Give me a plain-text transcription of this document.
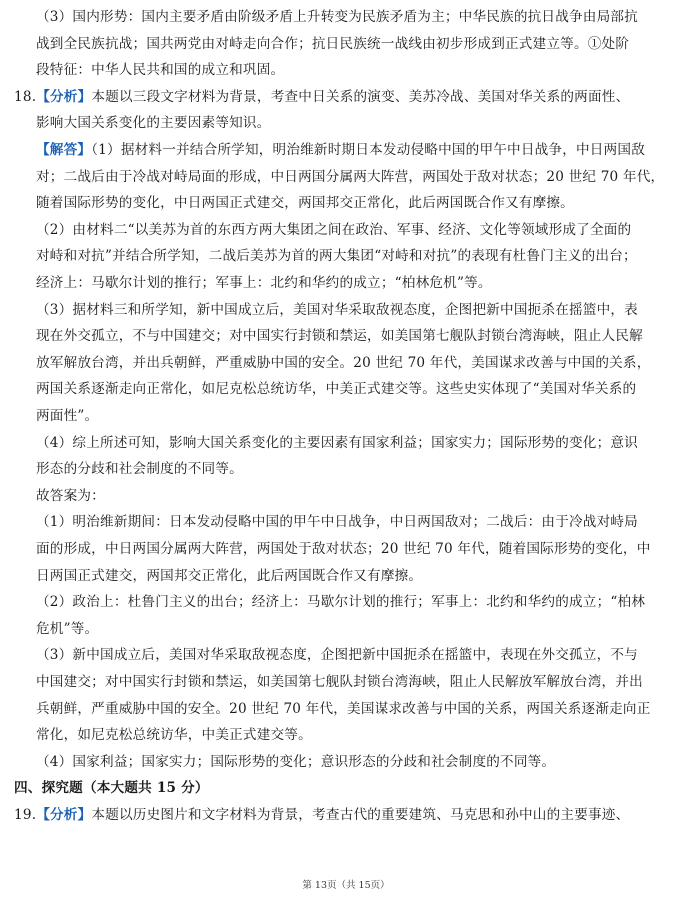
（3）国内形势：国内主要矛盾由阶级矛盾上升转变为民族矛盾为主；中华民族的抗日战争由局部抗
战到全民族抗战；国共两党由对峙走向合作；抗日民族统一战线由初步形成到正式建立等。①处阶
段特征：中华人民共和国的成立和巩固。
18.【分析】本题以三段文字材料为背景，考查中日关系的演变、美苏冷战、美国对华关系的两面性、
影响大国关系变化的主要因素等知识。
【解答】（1）据材料一并结合所学知，明治维新时期日本发动侵略中国的甲午中日战争，中日两国敌
对；二战后由于冷战对峙局面的形成，中日两国分属两大阵营，两国处于敌对状态；20 世纪 70 年代，
随着国际形势的变化，中日两国正式建交，两国邦交正常化，此后两国既合作又有摩擦。
（2）由材料二“以美苏为首的东西方两大集团之间在政治、军事、经济、文化等领域形成了全面的
对峙和对抗”并结合所学知，二战后美苏为首的两大集团“对峙和对抗”的表现有杜鲁门主义的出台；
经济上：马歇尔计划的推行；军事上：北约和华约的成立；“柏林危机”等。
（3）据材料三和所学知，新中国成立后，美国对华采取敌视态度，企图把新中国扼杀在摇篮中，表
现在外交孤立，不与中国建交；对中国实行封锁和禁运，如美国第七舰队封锁台湾海峡，阻止人民解
放军解放台湾，并出兵朝鲜，严重威胁中国的安全。20 世纪 70 年代，美国谋求改善与中国的关系，
两国关系逐渐走向正常化，如尼克松总统访华，中美正式建交等。这些史实体现了“美国对华关系的
两面性”。
（4）综上所述可知，影响大国关系变化的主要因素有国家利益；国家实力；国际形势的变化；意识
形态的分歧和社会制度的不同等。
故答案为：
（1）明治维新期间：日本发动侵略中国的甲午中日战争，中日两国敌对；二战后：由于冷战对峙局
面的形成，中日两国分属两大阵营，两国处于敌对状态；20 世纪 70 年代，随着国际形势的变化，中
日两国正式建交，两国邦交正常化，此后两国既合作又有摩擦。
（2）政治上：杜鲁门主义的出台；经济上：马歇尔计划的推行；军事上：北约和华约的成立；“柏林
危机”等。
（3）新中国成立后，美国对华采取敌视态度，企图把新中国扼杀在摇篮中，表现在外交孤立，不与
中国建交；对中国实行封锁和禁运，如美国第七舰队封锁台湾海峡，阻止人民解放军解放台湾，并出
兵朝鲜，严重威胁中国的安全。20 世纪 70 年代，美国谋求改善与中国的关系，两国关系逐渐走向正
常化，如尼克松总统访华，中美正式建交等。
（4）国家利益；国家实力；国际形势的变化；意识形态的分歧和社会制度的不同等。
四、探究题（本大题共 15 分）
19.【分析】本题以历史图片和文字材料为背景，考查古代的重要建筑、马克思和孙中山的主要事迹、
第 13页（共 15页）
